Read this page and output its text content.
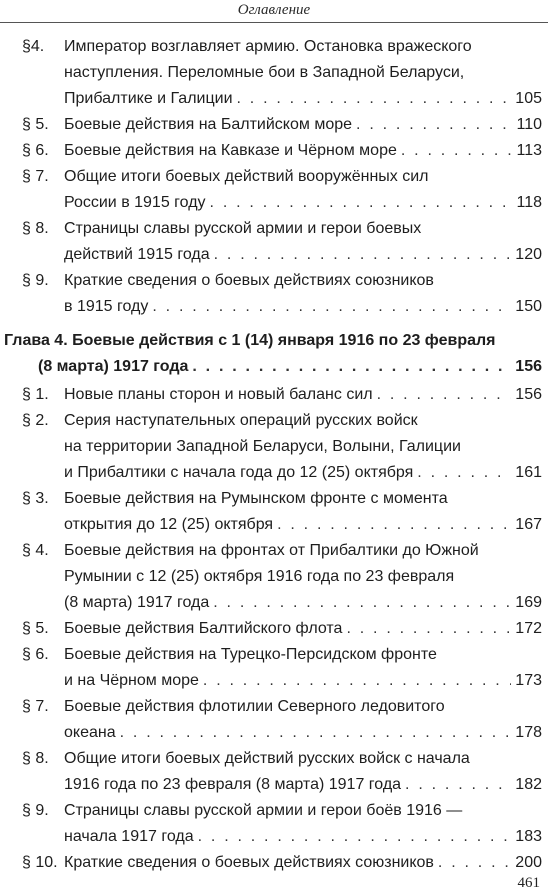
Оглавление
§4. Император возглавляет армию. Остановка вражеского
наступления. Переломные бои в Западной Беларуси,
Прибалтике и Галиции . . .	105
§ 5. Боевые действия на Балтийском море . . .	110
§ 6. Боевые действия на Кавказе и Чёрном море . . .	113
§ 7. Общие итоги боевых действий вооружённых сил
России в 1915 году . . .	118
§ 8. Страницы славы русской армии и герои боевых
действий 1915 года . . .	120
§ 9. Краткие сведения о боевых действиях союзников
в 1915 году . . .	150
Глава 4. Боевые действия с 1 (14) января 1916 по 23 февраля
(8 марта) 1917 года . . .	156
§ 1. Новые планы сторон и новый баланс сил . . .	156
§ 2. Серия наступательных операций русских войск
на территории Западной Беларуси, Волыни, Галиции
и Прибалтики с начала года до 12 (25) октября . . .	161
§ 3. Боевые действия на Румынском фронте с момента
открытия до 12 (25) октября . . .	167
§ 4. Боевые действия на фронтах от Прибалтики до Южной
Румынии с 12 (25) октября 1916 года по 23 февраля
(8 марта) 1917 года . . .	169
§ 5. Боевые действия Балтийского флота . . .	172
§ 6. Боевые действия на Турецко-Персидском фронте
и на Чёрном море . . .	173
§ 7. Боевые действия флотилии Северного ледовитого
океана . . .	178
§ 8. Общие итоги боевых действий русских войск с начала
1916 года по 23 февраля (8 марта) 1917 года . . .	182
§ 9. Страницы славы русской армии и герои боёв 1916 —
начала 1917 года . . .	183
§ 10. Краткие сведения о боевых действиях союзников . . .	200
461
